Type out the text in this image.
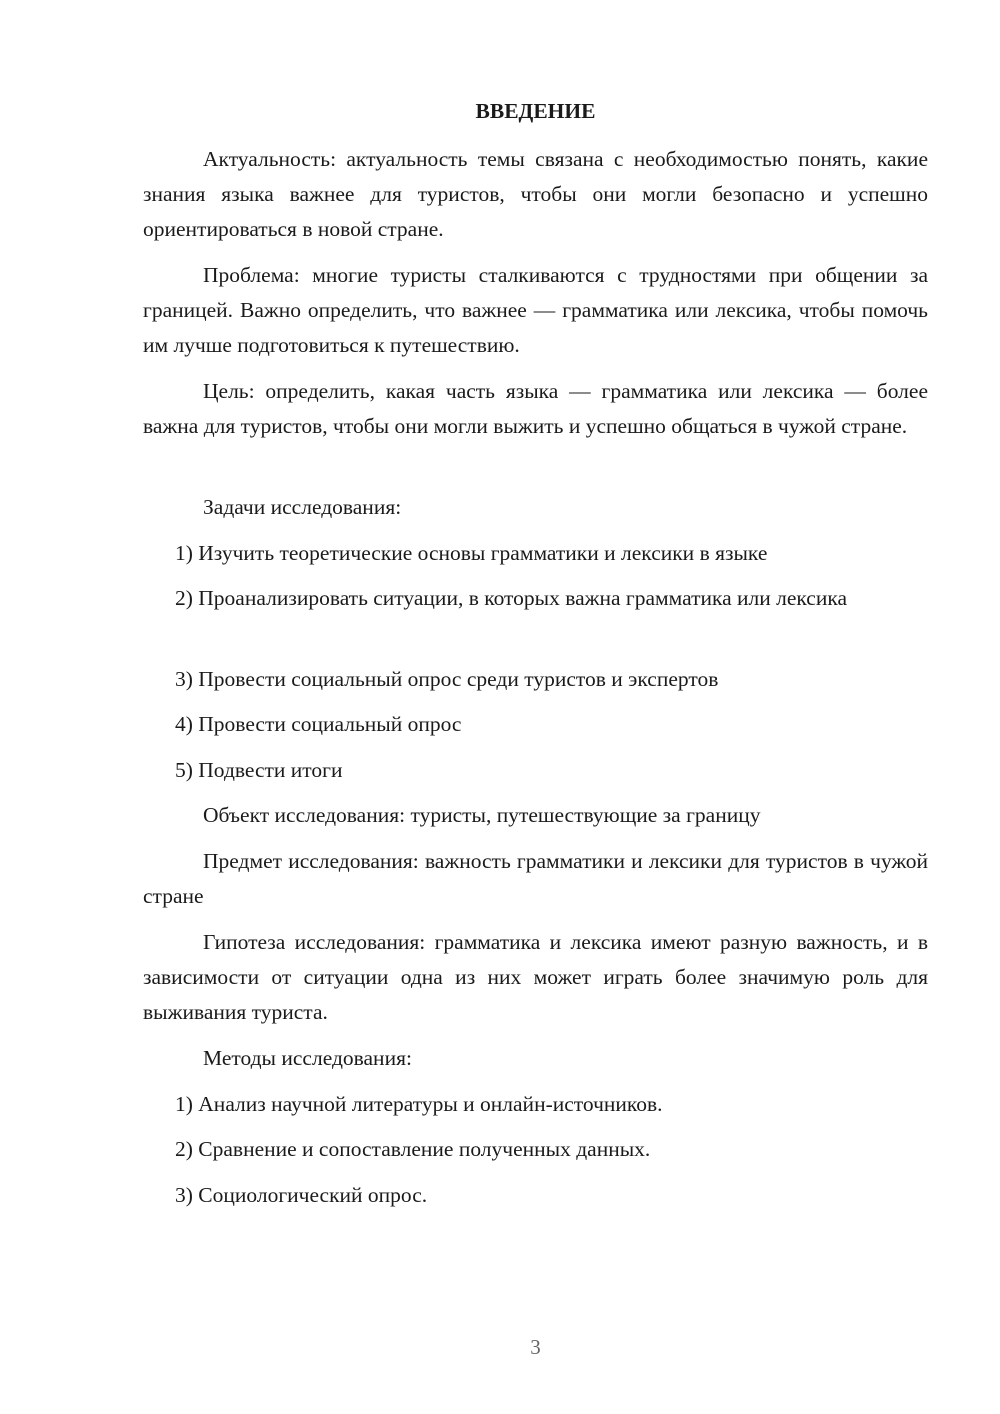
ВВЕДЕНИЕ

Актуальность: актуальность темы связана с необходимостью понять, какие знания языка важнее для туристов, чтобы они могли безопасно и успешно ориентироваться в новой стране.

Проблема: многие туристы сталкиваются с трудностями при общении за границей. Важно определить, что важнее — грамматика или лексика, чтобы помочь им лучше подготовиться к путешествию.

Цель: определить, какая часть языка — грамматика или лексика — более важна для туристов, чтобы они могли выжить и успешно общаться в чужой стране.

Задачи исследования:

1) Изучить теоретические основы грамматики и лексики в языке

2) Проанализировать ситуации, в которых важна грамматика или лексика

3) Провести социальный опрос среди туристов и экспертов

4) Провести социальный опрос

5) Подвести итоги

Объект исследования: туристы, путешествующие за границу

Предмет исследования: важность грамматики и лексики для туристов в чужой стране

Гипотеза исследования: грамматика и лексика имеют разную важность, и в зависимости от ситуации одна из них может играть более значимую роль для выживания туриста.

Методы исследования:

1) Анализ научной литературы и онлайн-источников.

2) Сравнение и сопоставление полученных данных.

3) Социологический опрос.

3
